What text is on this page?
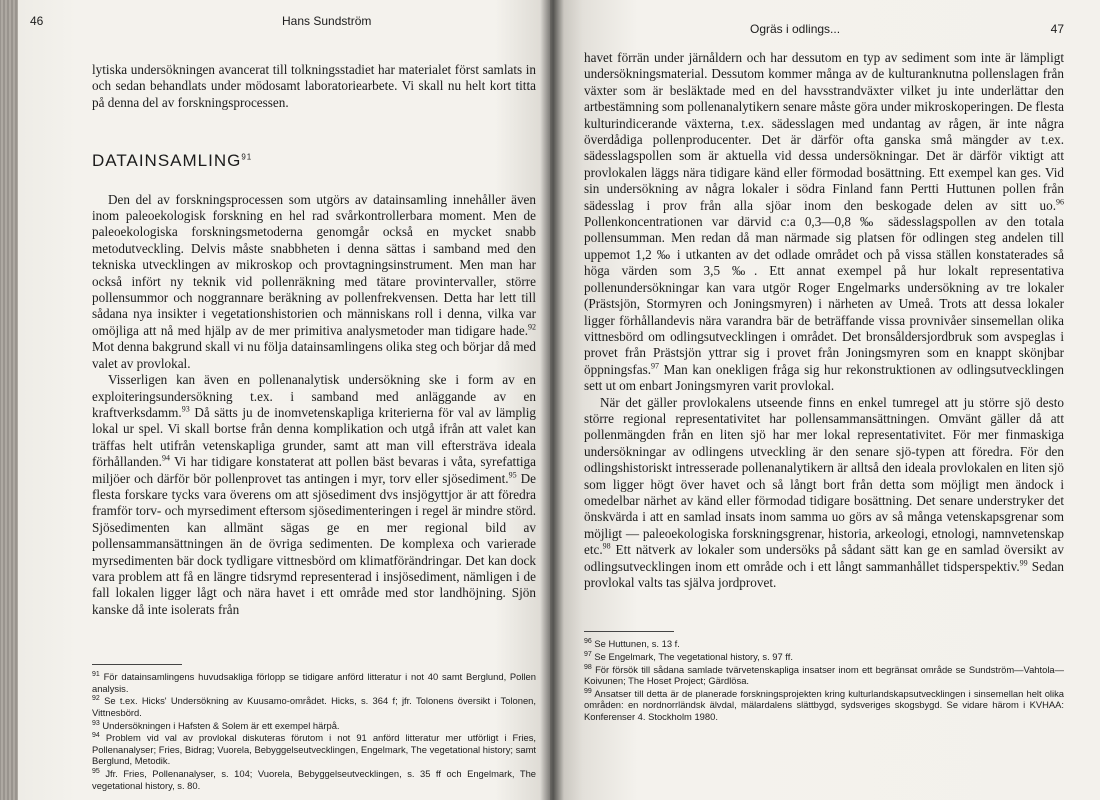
46	Hans Sundström

lytiska undersökningen avancerat till tolkningsstadiet har materialet först samlats in och sedan behandlats under mödosamt laboratoriearbete. Vi skall nu helt kort titta på denna del av forskningsprocessen.

DATAINSAMLING$^{91}$

Den del av forskningsprocessen som utgörs av datainsamling innehåller även inom paleoekologisk forskning en hel rad svårkontrollerbara moment. Men de paleoekologiska forskningsmetoderna genomgår också en mycket snabb metodutveckling. Delvis måste snabbheten i denna sättas i samband med den tekniska utvecklingen av mikroskop och provtagningsinstrument. Men man har också infört ny teknik vid pollenräkning med tätare provintervaller, större pollensummor och noggrannare beräkning av pollenfrekvensen. Detta har lett till sådana nya insikter i vegetationshistorien och människans roll i denna, vilka var omöjliga att nå med hjälp av de mer primitiva analysmetoder man tidigare hade.$^{92}$ Mot denna bakgrund skall vi nu följa datainsamlingens olika steg och börjar då med valet av provlokal.

Visserligen kan även en pollenanalytisk undersökning ske i form av en exploiteringsundersökning t.ex. i samband med anläggande av en kraftverksdamm.$^{93}$ Då sätts ju de inomvetenskapliga kriterierna för val av lämplig lokal ur spel. Vi skall bortse från denna komplikation och utgå ifrån att valet kan träffas helt utifrån vetenskapliga grunder, samt att man vill eftersträva ideala förhållanden.$^{94}$ Vi har tidigare konstaterat att pollen bäst bevaras i våta, syrefattiga miljöer och därför bör pollenprovet tas antingen i myr, torv eller sjösediment.$^{95}$ De flesta forskare tycks vara överens om att sjösediment dvs insjögyttjor är att föredra framför torv- och myrsediment eftersom sjösedimenteringen i regel är mindre störd. Sjösedimenten kan allmänt sägas ge en mer regional bild av pollensammansättningen än de övriga sedimenten. De komplexa och varierade myrsedimenten bär dock tydligare vittnesbörd om klimatförändringar. Det kan dock vara problem att få en längre tidsrymd representerad i insjösediment, nämligen i de fall lokalen ligger lågt och nära havet i ett område med stor landhöjning. Sjön kanske då inte isolerats från

$^{91}$ För datainsamlingens huvudsakliga förlopp se tidigare anförd litteratur i not 40 samt Berglund, Pollen analysis.

$^{92}$ Se t.ex. Hicks' Undersökning av Kuusamo-området. Hicks, s. 364 f; jfr. Tolonens översikt i Tolonen, Vittnesbörd.

$^{93}$ Undersökningen i Hafsten & Solem är ett exempel härpå.

$^{94}$ Problem vid val av provlokal diskuteras förutom i not 91 anförd litteratur mer utförligt i Fries, Pollenanalyser; Fries, Bidrag; Vuorela, Bebyggelseutvecklingen, Engelmark, The vegetational history; samt Berglund, Metodik.

$^{95}$ Jfr. Fries, Pollenanalyser, s. 104; Vuorela, Bebyggelseutvecklingen, s. 35 ff och Engelmark, The vegetational history, s. 80.

Ogräs i odlings...	47

havet förrän under järnåldern och har dessutom en typ av sediment som inte är lämpligt undersökningsmaterial. Dessutom kommer många av de kulturanknutna pollenslagen från växter som är besläktade med en del havsstrandväxter vilket ju inte underlättar den artbestämning som pollenanalytikern senare måste göra under mikroskoperingen. De flesta kulturindicerande växterna, t.ex. sädesslagen med undantag av rågen, är inte några överdådiga pollenproducenter. Det är därför ofta ganska små mängder av t.ex. sädesslagspollen som är aktuella vid dessa undersökningar. Det är därför viktigt att provlokalen läggs nära tidigare känd eller förmodad bosättning. Ett exempel kan ges. Vid sin undersökning av några lokaler i södra Finland fann Pertti Huttunen pollen från sädesslag i prov från alla sjöar inom den beskogade delen av sitt uo.$^{96}$ Pollenkoncentrationen var därvid c:a 0,3—0,8 ‰ sädesslagspollen av den totala pollensumman. Men redan då man närmade sig platsen för odlingen steg andelen till uppemot 1,2 ‰ i utkanten av det odlade området och på vissa ställen konstaterades så höga värden som 3,5 ‰. Ett annat exempel på hur lokalt representativa pollenundersökningar kan vara utgör Roger Engelmarks undersökning av tre lokaler (Prästsjön, Stormyren och Joningsmyren) i närheten av Umeå. Trots att dessa lokaler ligger förhållandevis nära varandra bär de beträffande vissa provnivåer sinsemellan olika vittnesbörd om odlingsutvecklingen i området. Det bronsåldersjordbruk som avspeglas i provet från Prästsjön yttrar sig i provet från Joningsmyren som en knappt skönjbar öppningsfas.$^{97}$ Man kan onekligen fråga sig hur rekonstruktionen av odlingsutvecklingen sett ut om enbart Joningsmyren varit provlokal.

När det gäller provlokalens utseende finns en enkel tumregel att ju större sjö desto större regional representativitet har pollensammansättningen. Omvänt gäller då att pollenmängden från en liten sjö har mer lokal representativitet. För mer finmaskiga undersökningar av odlingens utveckling är den senare sjö-typen att föredra. För den odlingshistoriskt intresserade pollenanalytikern är alltså den ideala provlokalen en liten sjö som ligger högt över havet och så långt bort från detta som möjligt men ändock i omedelbar närhet av känd eller förmodad tidigare bosättning. Det senare understryker det önskvärda i att en samlad insats inom samma uo görs av så många vetenskapsgrenar som möjligt — paleoekologiska forskningsgrenar, historia, arkeologi, etnologi, namnvetenskap etc.$^{98}$ Ett nätverk av lokaler som undersöks på sådant sätt kan ge en samlad översikt av odlingsutvecklingen inom ett område och i ett långt sammanhållet tidsperspektiv.$^{99}$ Sedan provlokal valts tas själva jordprovet.

$^{96}$ Se Huttunen, s. 13 f.

$^{97}$ Se Engelmark, The vegetational history, s. 97 ff.

$^{98}$ För försök till sådana samlade tvärvetenskapliga insatser inom ett begränsat område se Sundström—Vahtola—Koivunen; The Hoset Project; Gärdlösa.

$^{99}$ Ansatser till detta är de planerade forskningsprojekten kring kulturlandskapsutvecklingen i sinsemellan helt olika områden: en nordnorrländsk älvdal, mälardalens slättbygd, sydsveriges skogsbygd. Se vidare härom i KVHAA: Konferenser 4. Stockholm 1980.
